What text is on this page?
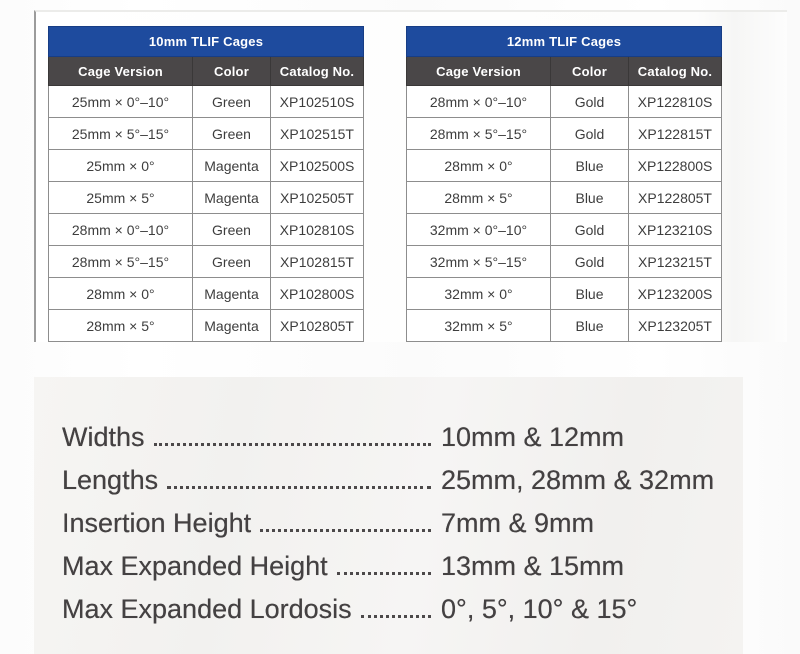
10mm TLIF Cages		
Cage Version	Color	Catalog No.
25mm × 0°–10°	Green	XP102510S
25mm × 5°–15°	Green	XP102515T
25mm × 0°	Magenta	XP102500S
25mm × 5°	Magenta	XP102505T
28mm × 0°–10°	Green	XP102810S
28mm × 5°–15°	Green	XP102815T
28mm × 0°	Magenta	XP102800S
28mm × 5°	Magenta	XP102805T
12mm TLIF Cages		
Cage Version	Color	Catalog No.
28mm × 0°–10°	Gold	XP122810S
28mm × 5°–15°	Gold	XP122815T
28mm × 0°	Blue	XP122800S
28mm × 5°	Blue	XP122805T
32mm × 0°–10°	Gold	XP123210S
32mm × 5°–15°	Gold	XP123215T
32mm × 0°	Blue	XP123200S
32mm × 5°	Blue	XP123205T
Widths	10mm & 12mm
Lengths	25mm, 28mm & 32mm
Insertion Height	7mm & 9mm
Max Expanded Height	13mm & 15mm
Max Expanded Lordosis	0°, 5°, 10° & 15°
